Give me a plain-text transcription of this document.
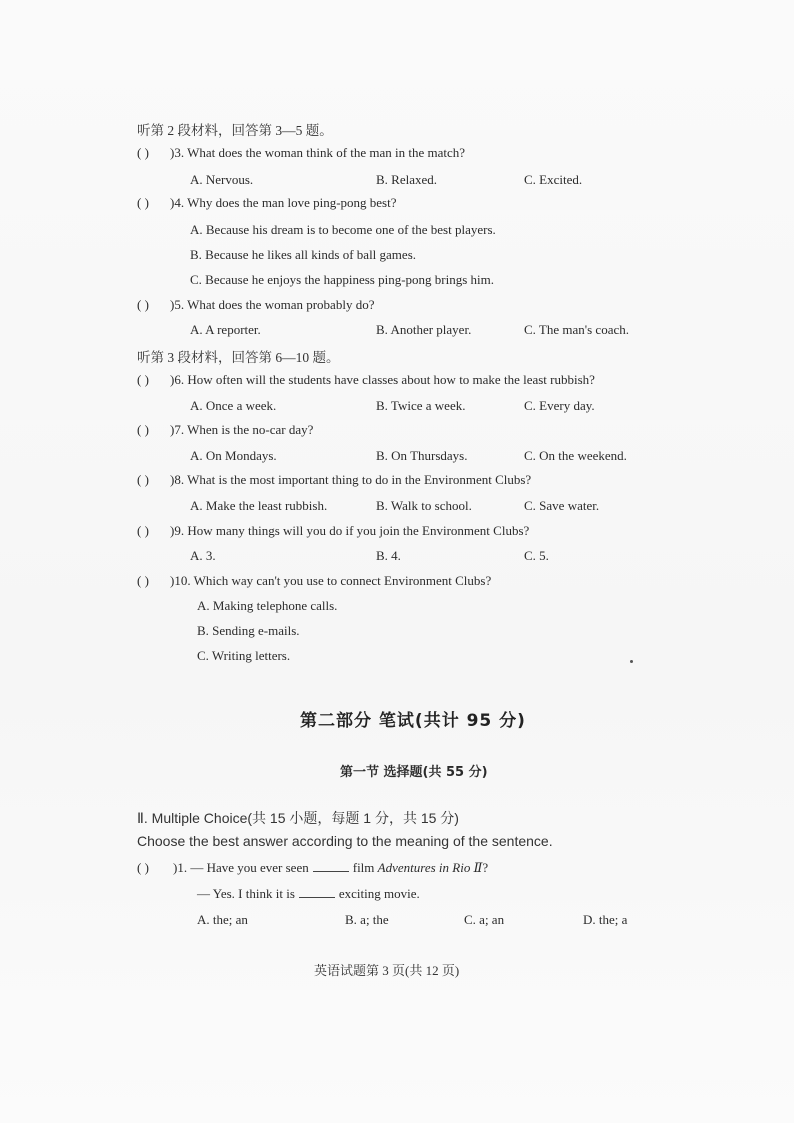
听第 2 段材料，回答第 3—5 题。
( ) )3. What does the woman think of the man in the match?
A. Nervous.	B. Relaxed.	C. Excited.
( ) )4. Why does the man love ping-pong best?
A. Because his dream is to become one of the best players.
B. Because he likes all kinds of ball games.
C. Because he enjoys the happiness ping-pong brings him.
( ) )5. What does the woman probably do?
A. A reporter.	B. Another player.	C. The man's coach.
听第 3 段材料，回答第 6—10 题。
( ) )6. How often will the students have classes about how to make the least rubbish?
A. Once a week.	B. Twice a week.	C. Every day.
( ) )7. When is the no-car day?
A. On Mondays.	B. On Thursdays.	C. On the weekend.
( ) )8. What is the most important thing to do in the Environment Clubs?
A. Make the least rubbish.	B. Walk to school.	C. Save water.
( ) )9. How many things will you do if you join the Environment Clubs?
A. 3.	B. 4.	C. 5.
( ) )10. Which way can't you use to connect Environment Clubs?
A. Making telephone calls.
B. Sending e-mails.
C. Writing letters.
第二部分 笔试(共计 95 分)
第一节 选择题(共 55 分)
Ⅱ. Multiple Choice(共 15 小题，每题 1 分，共 15 分)
Choose the best answer according to the meaning of the sentence.
( ) )1. — Have you ever seen	film Adventures in Rio Ⅱ?
— Yes. I think it is	exciting movie.
A. the; an	B. a; the	C. a; an	D. the; a
英语试题第 3 页(共 12 页)
